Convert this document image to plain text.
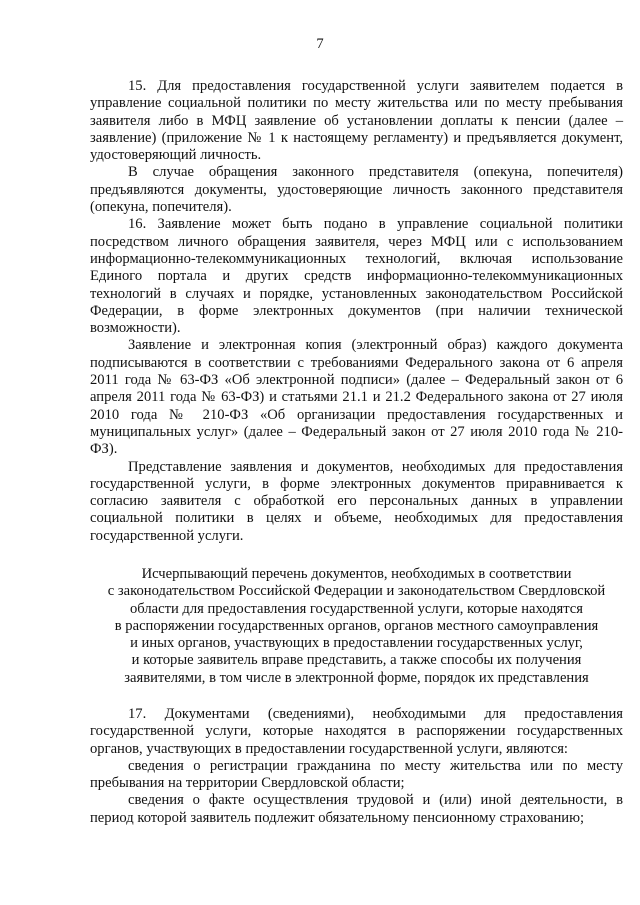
7

15. Для предоставления государственной услуги заявителем подается в управление социальной политики по месту жительства или по месту пребывания заявителя либо в МФЦ заявление об установлении доплаты к пенсии (далее – заявление) (приложение № 1 к настоящему регламенту) и предъявляется документ, удостоверяющий личность.

В случае обращения законного представителя (опекуна, попечителя) предъявляются документы, удостоверяющие личность законного представителя (опекуна, попечителя).

16. Заявление может быть подано в управление социальной политики посредством личного обращения заявителя, через МФЦ или с использованием информационно-телекоммуникационных технологий, включая использование Единого портала и других средств информационно-телекоммуникационных технологий в случаях и порядке, установленных законодательством Российской Федерации, в форме электронных документов (при наличии технической возможности).

Заявление и электронная копия (электронный образ) каждого документа подписываются в соответствии с требованиями Федерального закона от 6 апреля 2011 года № 63-ФЗ «Об электронной подписи» (далее – Федеральный закон от 6 апреля 2011 года № 63-ФЗ) и статьями 21.1 и 21.2 Федерального закона от 27 июля 2010 года № 210-ФЗ «Об организации предоставления государственных и муниципальных услуг» (далее – Федеральный закон от 27 июля 2010 года № 210-ФЗ).

Представление заявления и документов, необходимых для предоставления государственной услуги, в форме электронных документов приравнивается к согласию заявителя с обработкой его персональных данных в управлении социальной политики в целях и объеме, необходимых для предоставления государственной услуги.

Исчерпывающий перечень документов, необходимых в соответствии
с законодательством Российской Федерации и законодательством Свердловской
области для предоставления государственной услуги, которые находятся
в распоряжении государственных органов, органов местного самоуправления
и иных органов, участвующих в предоставлении государственных услуг,
и которые заявитель вправе представить, а также способы их получения
заявителями, в том числе в электронной форме, порядок их представления

17. Документами (сведениями), необходимыми для предоставления государственной услуги, которые находятся в распоряжении государственных органов, участвующих в предоставлении государственной услуги, являются:

сведения о регистрации гражданина по месту жительства или по месту пребывания на территории Свердловской области;

сведения о факте осуществления трудовой и (или) иной деятельности, в период которой заявитель подлежит обязательному пенсионному страхованию;
